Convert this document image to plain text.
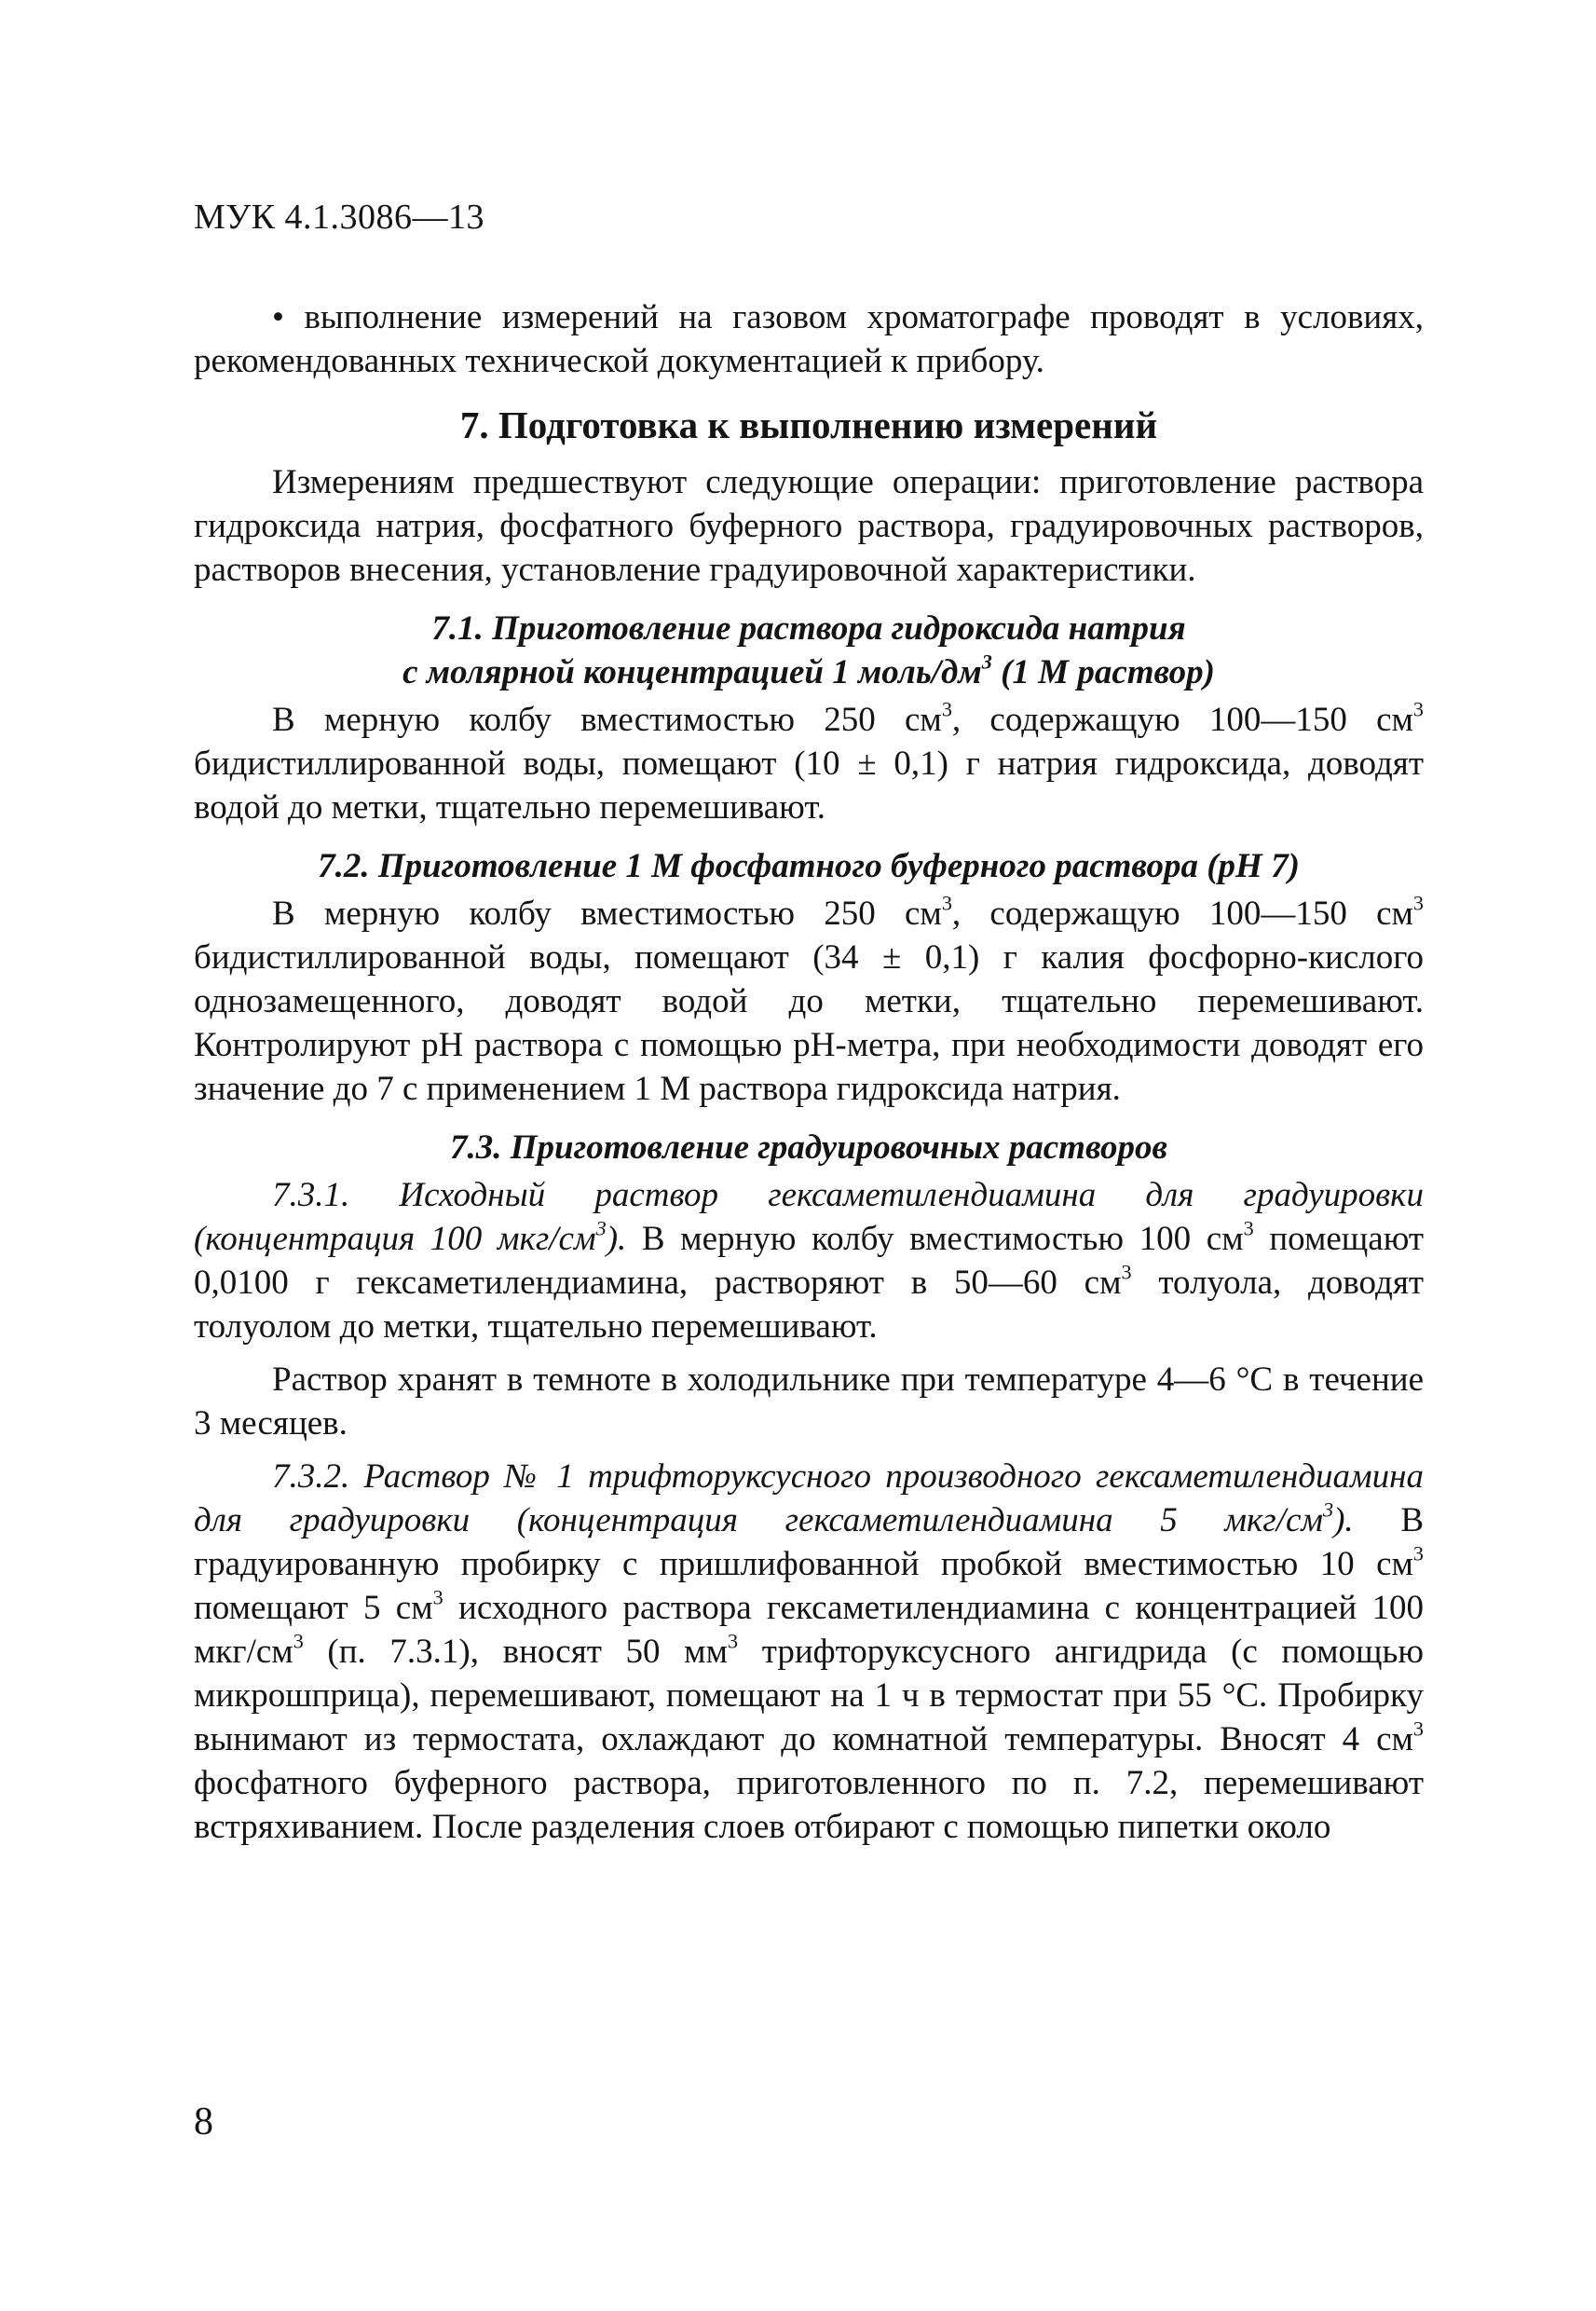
МУК 4.1.3086—13

• выполнение измерений на газовом хроматографе проводят в условиях, рекомендованных технической документацией к прибору.

7. Подготовка к выполнению измерений

Измерениям предшествуют следующие операции: приготовление раствора гидроксида натрия, фосфатного буферного раствора, градуировочных растворов, растворов внесения, установление градуировочной характеристики.

7.1. Приготовление раствора гидроксида натрия
с молярной концентрацией 1 моль/$дм^3$ (1 М раствор)

В мерную колбу вместимостью 250 $см^3$, содержащую 100—150 $см^3$ бидистиллированной воды, помещают (10 ± 0,1) г натрия гидроксида, доводят водой до метки, тщательно перемешивают.

7.2. Приготовление 1 М фосфатного буферного раствора (рН 7)

В мерную колбу вместимостью 250 $см^3$, содержащую 100—150 $см^3$ бидистиллированной воды, помещают (34 ± 0,1) г калия фосфорно-кислого однозамещенного, доводят водой до метки, тщательно перемешивают. Контролируют рН раствора с помощью рН-метра, при необходимости доводят его значение до 7 с применением 1 М раствора гидроксида натрия.

7.3. Приготовление градуировочных растворов

7.3.1. Исходный раствор гексаметилендиамина для градуировки (концентрация 100 мкг/$см^3$). В мерную колбу вместимостью 100 $см^3$ помещают 0,0100 г гексаметилендиамина, растворяют в 50—60 $см^3$ толуола, доводят толуолом до метки, тщательно перемешивают.

Раствор хранят в темноте в холодильнике при температуре 4—6 °С в течение 3 месяцев.

7.3.2. Раствор № 1 трифторуксусного производного гексаметилендиамина для градуировки (концентрация гексаметилендиамина 5 мкг/$см^3$). В градуированную пробирку с пришлифованной пробкой вместимостью 10 $см^3$ помещают 5 $см^3$ исходного раствора гексаметилендиамина с концентрацией 100 мкг/$см^3$ (п. 7.3.1), вносят 50 $мм^3$ трифторуксусного ангидрида (с помощью микрошприца), перемешивают, помещают на 1 ч в термостат при 55 °С. Пробирку вынимают из термостата, охлаждают до комнатной температуры. Вносят 4 $см^3$ фосфатного буферного раствора, приготовленного по п. 7.2, перемешивают встряхиванием. После разделения слоев отбирают с помощью пипетки около

8
